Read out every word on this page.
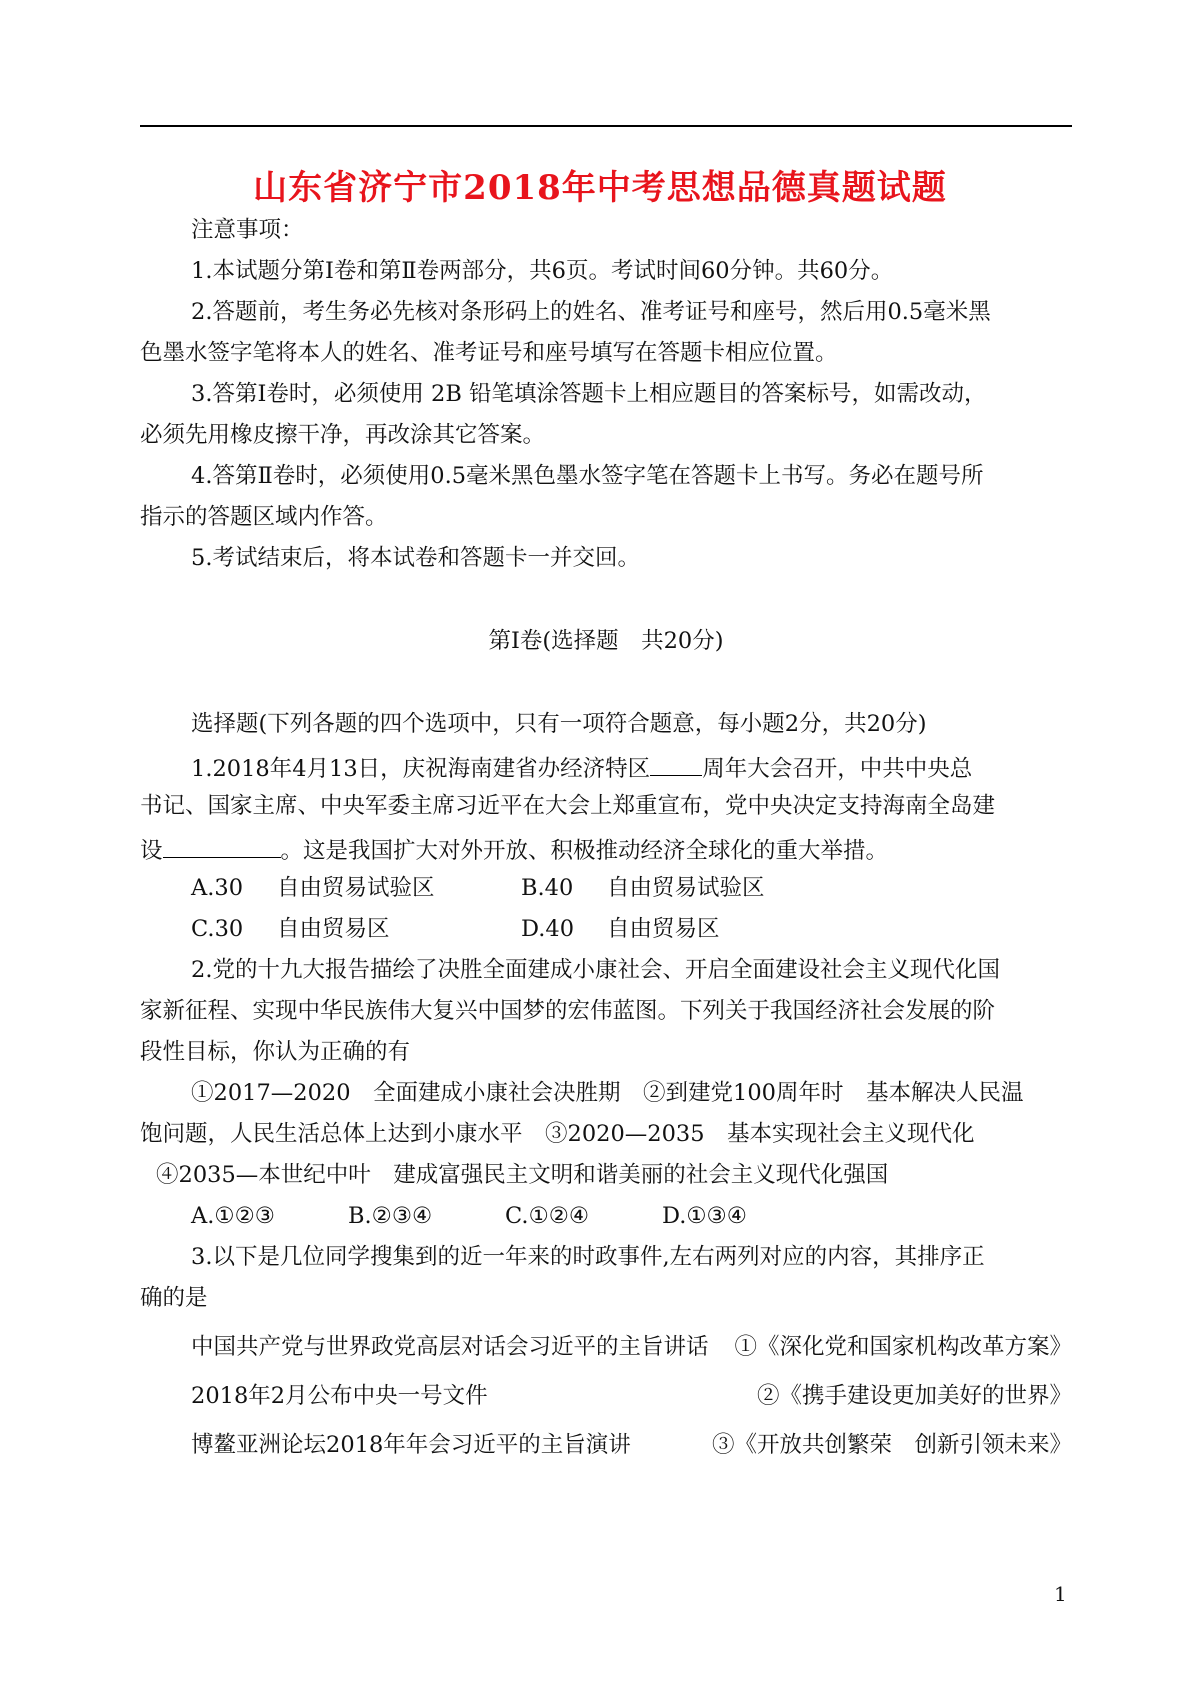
山东省济宁市2018年中考思想品德真题试题
注意事项：
1.本试题分第Ⅰ卷和第Ⅱ卷两部分，共6页。考试时间60分钟。共60分。
2.答题前，考生务必先核对条形码上的姓名、准考证号和座号，然后用0.5毫米黑
色墨水签字笔将本人的姓名、准考证号和座号填写在答题卡相应位置。
3.答第Ⅰ卷时，必须使用 2B 铅笔填涂答题卡上相应题目的答案标号，如需改动，
必须先用橡皮擦干净，再改涂其它答案。
4.答第Ⅱ卷时，必须使用0.5毫米黑色墨水签字笔在答题卡上书写。务必在题号所
指示的答题区域内作答。
5.考试结束后，将本试卷和答题卡一并交回。
第Ⅰ卷(选择题　共20分)
选择题(下列各题的四个选项中，只有一项符合题意，每小题2分，共20分)
1.2018年4月13日，庆祝海南建省办经济特区 周年大会召开，中共中央总
书记、国家主席、中央军委主席习近平在大会上郑重宣布，党中央决定支持海南全岛建
设	。这是我国扩大对外开放、积极推动经济全球化的重大举措。
A.30 自由贸易试验区	B.40 自由贸易试验区
C.30 自由贸易区	D.40 自由贸易区
2.党的十九大报告描绘了决胜全面建成小康社会、开启全面建设社会主义现代化国
家新征程、实现中华民族伟大复兴中国梦的宏伟蓝图。下列关于我国经济社会发展的阶
段性目标，你认为正确的有
①2017—2020　全面建成小康社会决胜期　②到建党100周年时　基本解决人民温
饱问题，人民生活总体上达到小康水平　③2020—2035　基本实现社会主义现代化
④2035—本世纪中叶　建成富强民主文明和谐美丽的社会主义现代化强国
A.①②③	B.②③④	C.①②④	D.①③④
3.以下是几位同学搜集到的近一年来的时政事件,左右两列对应的内容，其排序正
确的是
中国共产党与世界政党高层对话会习近平的主旨讲话 ①《深化党和国家机构改革方案》
2018年2月公布中央一号文件	②《携手建设更加美好的世界》
博鳌亚洲论坛2018年年会习近平的主旨演讲	③《开放共创繁荣　创新引领未来》
1
